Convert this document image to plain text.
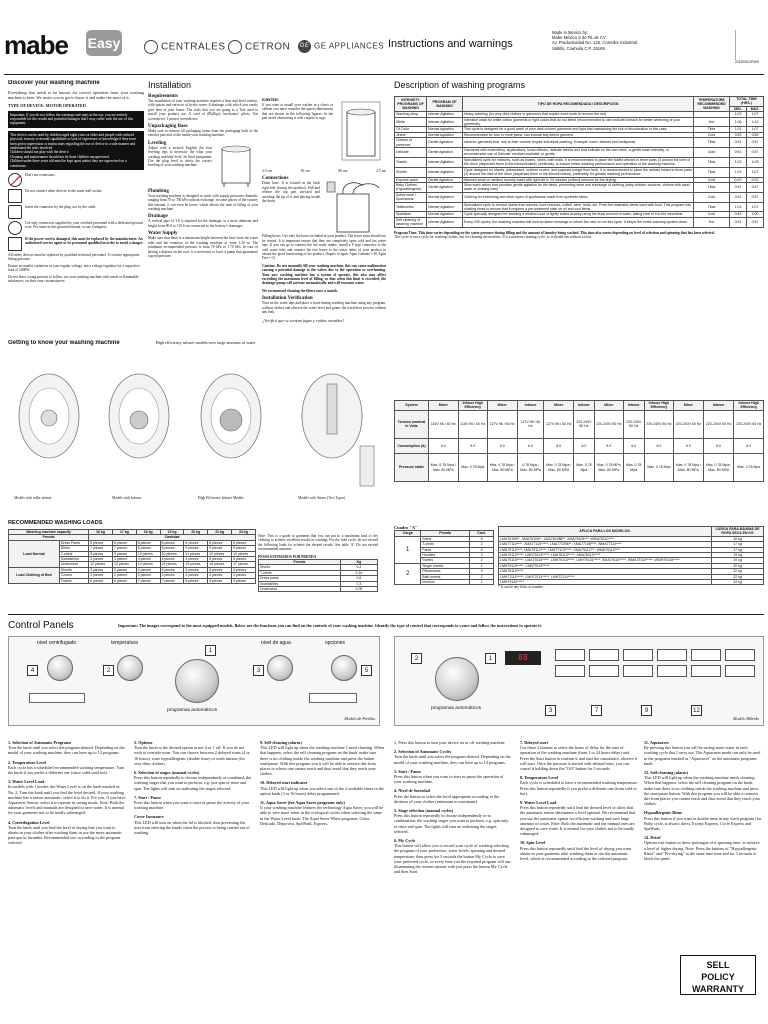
mabe Easy	CENTRALES	CETRON GE GE APPLIANCES Instructions and warnings
Made in Mexico by:
Mabe México S de RL de CV
Av. Productividad No. 125, Corredor Industrial
Saltillo, Coahuila C.P. 25169
2114D321P003
Discover your washing machine
Everything that needs to be known for correct operation from your washing machine is here. We invite you to get to know it and make the most of it.
TYPE OF DEVICE: MOTOR OPERATED
Important: If you do not follow the warnings and steps in the use, you are entirely responsible for the results and potential damages that I may suffer with the use of this equipment.
This device can be used by children aged eight years or older and people with reduced physical, sensory or mental capabilities or lack of experience or knowledge if they have been given supervision or instructions regarding the use of device in a safe manner and understand the risks involved.
Children should not play with the device.
Cleaning and maintenance should not be done children unsupervised.
Children under three years old must be kept apart unless they are supervised on a continuous.
Don't use extensions.
Do not connect other devices to the same wall socket.
Insert the connector by the plug, not by the cable.
Use only connectors supplied by your certified personnel with a dedicated ground wire. For some in this ground terminal, or use 4 adapters.
If the power cord is damaged, this must be replaced by the manufacturer. An authorized service agent or by personnel qualified in order to avoid a danger.
All safety devices must be replaced by qualified technical personnel. To restore appropriate lifting pressure.
Ensure no nearby variations in your regular voltage, use a voltage regulator for a capacitive load of 1000W.
Do not leave young persons to follow, use your washing machine with needs or flammable substances, on their own circumstances.
Installation
Requirements
The installation of your washing machine requires a firm and level surface, with spaces and services of hydro water, 6 drainage with which you surely give here in your house. The tools that you are going to a Tote used to install your product are: A cord of (Phillips) 'mechanics' pliers, 'flat screwdriver' 1 protect screwdriver.
Unpackaging Base
Make sure to remove all packaging items from the packaging both of the exterior part and of the inside your washing machine.
Leveling
Adjust with a wrench English the four leveling legs to necessity the what your washing machine level, be final equipment. Use the plug level to check the correct leveling of your washing machine.
Plumbing
Your washing machine is designed to work with supply pressures domestic ranging from 70 to 700 kPa without exchange, in some places of the country this internal, it can even be lower, which affects the time of filling of your washing machine.
Drainage
A vertical pipe of 3.8 is required for the drainage, or a more diameter and height from 90.8 to 110.8 cm connected to the hosiery's drainages.
Water Supply
Make sure that there is a maximum height between the base from the water inlet and the retention of the washing machine of from 1.20 m. The minimum recommended pressure is from 76 kPa or 1.70 kPa. In case of having a deposit on the roof, it is necessary to have a pump that guarantees a good pressure.
Electric
If you want to install your washer in a closet or cabinet you must consider the spaces dimensions that are shown in the following figures. In the pad avoid obstructing it with carpets or rugs.
2.5 cm	30 cm	80 cm	2.5 cm
Connections
Drain hose. It is located at the back right side (facing the product). Pull and release the top part outward and avoiding the tip of it and placing inside the drain.
Filling hoses. Use only the hoses included in your product. The hoses must should not be reused. It is important ensure that they are completely open cold and hot water taps. If you can go to connect the hot water intake, install a Y-type connector to the cold water inlet and connect the two hoses to the water inlets of your product to ensure the good functioning of the product. (Inputs of agua: Agua Caliente = H, Agua Fria = C)
Caution: Do not manually fill your washing machine, this can cause malfunction causing a potential damage to the valves due to the operation or overheating. Your new washing machine has a system of operate, this also may affect exceeding the maximum level of filling, so that when this limit is exceeded, the drainage pump will activate automatically and will evacuate water.
We recommend cleaning the filters once a month.
Installation Verification
Turn on the water taps and place a front-rinsing washing machine using any program, without clothes and observe the water level and grants the wash-hose process without any leak.
¿Verificó que se sientan fugas y ruidos extraños?
Description of washing programs
INTENSITY PROGRAMS OF WASHING	PROGRAM OF WASHING	TIPO DE ROPA RECOMENDADA / DESCRIPCIÓN	TEMPERATURE RECOMMENDED WASHING	TOTAL TIME (HRS.)	
				MIN.	MAX.
Washing shop	Intense Agitation	Heavy washing (for very dirty clothes or garments that require more work to remove the dirt).		1:03	1:07
White	Intense Agitation	Intensive wash for white cotton garments or light colors that do not bleed (recommended to use undiluted bleach for better whitening of your garments).	Hot	1:06	1:12
Of Color	Normal Agitation	This cycle is designed for a good wash of your dark colored garments and light that maintaining the tick of discoloration in this case.	Tibia	1:01	1:07
Jeans	Normal Agitation	Recommended for four or more jeans, can include any denim garment.	Cold	0:53	0:59
Clothes of presence	Gentle Agitation	Ideal for garments that, due to their volume require individual washing. Example: towel, blanket and bedspread.	Tibia	0:51	0:57
Delicate	Gentle Agitation	Garments with embroidery, applications, loose ribbons, delicate fabrics and that indicate on the care label, a gentle wash intensity, or recommended use of Delicate 'medium available' or gentle.	Cold	0:51	0:57
Towels	Intense Agitation	Specialized cycle for mixtures, such as towels, robes, bath mats. It is recommended to place the folded articles in three parts (3 around the inlet of the drum (dispersed them in the infuser/indent), preferably, to ensure better washing performance and operation of the washing machine.	Tibia	1:02	1:09
Sheets	Intense Agitation	Cycle designed for sheets, pillowcases, outdoor covers, and pajamas (range from bed). It is recommended to place the articles folded in three parts (3) around the inlet of the drum (dispersed them in the infuser/indent), preferably, for greater washing performance.	Tibia	1:01	1:07
Express wash	Gentle Agitation	Washes small or medium laundry loads with light dirt in 20 minutes (without sensors for the drying).	Cold	0:20	0:20
Baby Clothes (Hypoallergenic)	Gentle Agitation	Slow wash action that provides gentle agitation for the fabric, preventing wear and shrinkage of clothing (baby clothes, woolens, clothes with hand-wash or clothing care).	Tibia	0:51	0:57
Active wear / Sportswear	Normal Agitation	Clothing for exercising and other types of sportswear made from synthetic fabric.	Cold	0:51	0:57
Tablecloths	Intense Agitation	Specialized cycle to remove stains from sauces, food residues, coffee, wine, fruits, etc. From the washable items used with food. This program has soaking times to ensure that it requires a pre-treatment stain on oil and cool items.	Tibia	1:01	1:07
SpaWash	Normal Agitation	Cycle specially designed for washing a medium load of lightly soiled laundry using the least amount of water, taking care of it in the meantime.	Cold	0:45	1:00
Self cleaning of washing machine	Intense Agitation	Every 200 cycles, the washing machine will emit an alarm message to inform the user to run this cycle. It keeps the entire washing system clean.	Hot	0:51	0:57
Program Time. This time varies depending on the water pressure during filling and the amount of laundry being washed. This time also varies depending on level of selection and spinning that has been selected.
This cycle is not a cycle for washing clothes, but for cleaning the machine. It is a machine cleaning cycle, so it should run without a load.
System	Mixer	Infuser High Efficiency	Mixer	Infuser	Mixer	Infuser	Mixer	Infuser	Infuser High Efficiency	Mixer	Infuser	Infuser High Efficiency
Tension nominal in Volts	116V 96 / 60 Hz	116V 96 / 60 Hz	127V 96 / 60 Hz	127V 96 / 60 Hz	127V 96 / 60 Hz	220-240V 50 Hz	220-240V 50 Hz	220-240V 50 Hz	220-240V 50 Hz	220-240V 60 Hz	220-240V 60 Hz	220-240V 60 Hz
Consumption (A)	6.0	6.0	6.0	6.0	6.0	6.0	6.0	6.0	6.0	6.0	6.0	6.0
Pressure static	Max. 0.78 Mpa / Max. 80 MPa	Max. 0.78 Mpa	Max. 0.78 Mpa / Max. 80 MPa	0.78 Mpa / Max. 80 MPa	Max. 0.78 Mpa / Max. 80 MPa	Max. 0.78 Mpa	Max. 0.78 MPa Max. 80 MPa	Max. 0.78 Mpa	Max. 0.78 Mpa	Max. 0.78 Mpa / Max. 80 MPa	Max. 0.78 Mpa / Max. 80 MPa	Max. 0.78 Mpa
Getting to know your washing machine	High efficiency infuser models save large amounts of water
Models with roller infuser	Models with Infuser	High Efficiency Infuser Models	Models with Stirrer (Two Types)
RECOMMENDED WASHING LOADS
Washing machine capacity		16 kg	17 kg	18 kg	19 kg	20 kg	22 kg	24 kg
Prenda		Cantidad						
Load Normal	Dress Pants	5 pieces	6 pieces	6 pieces	6 pieces	6 pieces	6 pieces	6 pieces
	Shirts	7 pieces	7 pieces	8 pieces	8 pieces	9 pieces	9 pieces	9 pieces
	T-shirts	8 pieces	9 pieces	10 pieces	10 pieces	11 pieces	12 pieces	13 pieces
	Sweatshirts	3 pieces	3 pieces	4 pieces	4 pieces	4 pieces	5 pieces	5 pieces
	Underwear	12 pieces	12 pieces	14 pieces	14 pieces	15 pieces	16 pieces	17 pieces
Load Clothing of Bed	Sheets	3 pieces	3 pieces	4 pieces	4 pieces	4 pieces	5 pieces	5 pieces
	Covers	2 pieces	2 pieces	2 pieces	2 pieces	2 pieces	3 pieces	3 pieces
	Towels	6 pieces	6 pieces	7 pieces	7 pieces	8 pieces	8 pieces	9 pieces
Note: This is a guide to garments that you can put in a maximum load of dry clothing to achieve excellent results in washing. For the load cycle, do not exceed the following loads for achieve the desired results. See table 'A'. Do not exceed recommended amounts.
PESOS ESTIMADOS POR PRENDA
Prenda	Kg
Shorts	0.2
T-shirts	0.16
Dress pants	0.6
Sweatshirts	0.3
Underwear	0.05
Cuadro "A"
Carga	Prenda	Cant.
1	Shirts	5
	T-shirts	2
	Pants	5
	Hoodies	3
	Towels	2
2	Single sheets	1
	Pillowcases	3
	Bath towels	2
	medium	1
APLICA PARA LOS MODELOS:	CARGA PARA MÁXIMA DE ROPA SECA EN KG
LMA76105**, XMA76105**, LMA761088**, XMA75105***, WMA76110****	16 kg
LMA77110****, XMA77110*****, LMA771096**, XMA77108****, WMA77110****	17 kg
LMA79112****, LMA79112****, LMA77113*****, XMA79112***, WMA79112****	17 kg
LMA79113*****, LMH79113*****, LMA78113*****, XMA78113*****	19 kg
LMA79115*****, LMA79115*****, LMH79116*****, LMH79116*****, XMA79115*****, WMA79115*****, WMH79116*****	19 kg
LMH79119*****, LMH79119*****	20 kg
LMA79119*****	22 kg
LMH71114*****, LMH72114*****, LMH72114*****	22 kg
LMH79120*****	24 kg
* It can be any letter or number
Control Panels	Important: The images correspond to the most equipped models. Below are the functions you can find on the controls of your washing machine. Identify the type of control that corresponds to yours and follow the instructions to operate it.
nivel centrifugado	temperatura	nivel de agua	opciones
4	2
1
3	5
programas automáticos
Modelo de Perillas
2	1	88
3	7	9	12
programas automáticos
Modelo Híbrido
1. Selection of Automatic Programs
Turn the knob until you select the program desired. Depending on the model of your washing machine, they can have up to 14 programs.
2. Temperature Level
Each cycle has a scheduled recommended washing temperature. Turn the knob if you prefer a different one (since valid until hot).
3. Water Level Load
In models with 1 border, the Water Level is on the knob marked as No. 2. Turn the knob until you find the level desired. If your washing machine has a sensor automatic, select it to do it. For you, If you have Aquasaver Sensor, select it to operate in saving mode. Note: Both the automatic levels and manuals are designed to save water. It is normal for your garments not to be totally submerged.
4. Centrifugation Level
Turn the knob until you find the level of drying that you want to obtain in your clothes after washing them or use the more automatic para que lo incumba. Recommended use, according to the program selected.
5. Options
Turn the knob to the desired option at not if or 1 off. If you do not wish to override none. You can choose between 2 delayed starts (4 or 16 hours), rinse hypoallergenic (double rinse) or wash intense (for very dirty clothes).
6. Selection of stages (manual cycles)
Press this button repeatedly to choose independently or combined, the washing stages that you want to perform, e.g. just spin or rinse and spin. The lights will turn on indicating the stages selected.
7. Start / Pause
Press this button when you want to start or pause the activity of your washing machine.
Cover Insurance
This LED will turn on when the lid is blocked, thus preventing the user from entering the hands when the process is being carried out of washing.
9. Self-cleaning (alarm)
This LED will light up when the washing machine 1 need cleaning. When that happens, select the self cleaning program on the knob, make sure there is no clothing inside the washing machine and press the button start/pause. With this program you it will be able to remove dirt from places to whose one cannot reach and thus avoid that they reach your clothes.
10. Delayed start indicator
This LED will light up when you select one of the 2 available times in the option knob (3 or 16 hours) delay programmed.
11. Aqua Saver (for Aqua Saver programs only)
If your washing machine features the technology Aqua Saver, you will be able to save more water in the ecological cycles when selecting the same in the Water Level knob. The Aqua Saver White programs, Color, Delicado, Deportiva, SpaWash, Express.
1. Press this button to turn your device on or off washing machine.
2. Selection of Automatic Cycles
Turn the knob until you select the program desired. Depending on the model of your washing machine, they can have up to 14 programs.
3. Start / Pause
Press this button when you want to start or pause the operation of your washing machine.
4. Nivel de Suciedad
Press the button to select the level appropriate according to the dirtiness of your clothes (minimum to maximum).
5. Stage selection (manual cycles)
Press this button repeatedly to choose independently or in combination, the washing stages you want to perform, e.g. spin only or rinse and spin. The lights will turn on indicating the stages selected.
6. My Cycle
This button will allow you to record your cycle of washing selecting the program of your preference, water levels, spinning and desired temperature, then press for 3 seconds the button My Cycle to save your preferred cycle, so every time you the required program will run illuminating the chosen options with just press the button My Cycle and then Start.
7. Delayed start
Use these 2 buttons to select the hours of delay for the start of operation of the washing machine (from 1 to 24 hours delay) and Press the Start button to confirm it and start the cumulative, observe it will start. Once the pressure is started with delayed start, you can cancel it holding down the "Off" button for 3 seconds.
8. Temperature Level
Each cycle is scheduled to have a recommended washing temperature. Press this button repeatedly if you prefer a different one (from cold to hot).
9. Water Level Load
Press this button repeatedly until find the desired level or allow that the automatic sensor determines a level optimal. We recommend that you use the automatic option for efficient washing and save large amounts of water. Note: Both the automatic and the manual ones are designed to save water. It is normal for your clothes not to be totally submerged.
10. Spin Level
Press this button repeatedly until find the level of drying you want obtain in your garments after washing them or use the automatic level, which is recommended according to the selected program.
11. Aquasaver
By pressing this button you will be saving more water in each washing cycle that I carry out. The Aquasaver mode can only be used in the programs marked as "Aquasaver" on the automatic programs knob.
12. Self-cleaning (alarm)
This LED will light up when the washing machine needs cleaning. When that happens, select the self cleaning program on the knob, make sure there is no clothing inside the washing machine and press the start/pause button. With this program you will be able to remove dirt from places you cannot reach and thus avoid that they reach your clothes.
Hypoallergenic Rinse
Press this button if you want to double rinse in any wash program (for Baby cycle, it always does). Except Express, Cycle Express and SpaWash.
14. Dried
Options exit button or dress prolongue of it spinning time, to achieve a level of higher drying. Note: Press the buttons of "Hypoallergenic Rinse" and "Pre-drying" at the same time time and for 3 seconds to block the panel.
SELL
POLICY
WARRANTY
